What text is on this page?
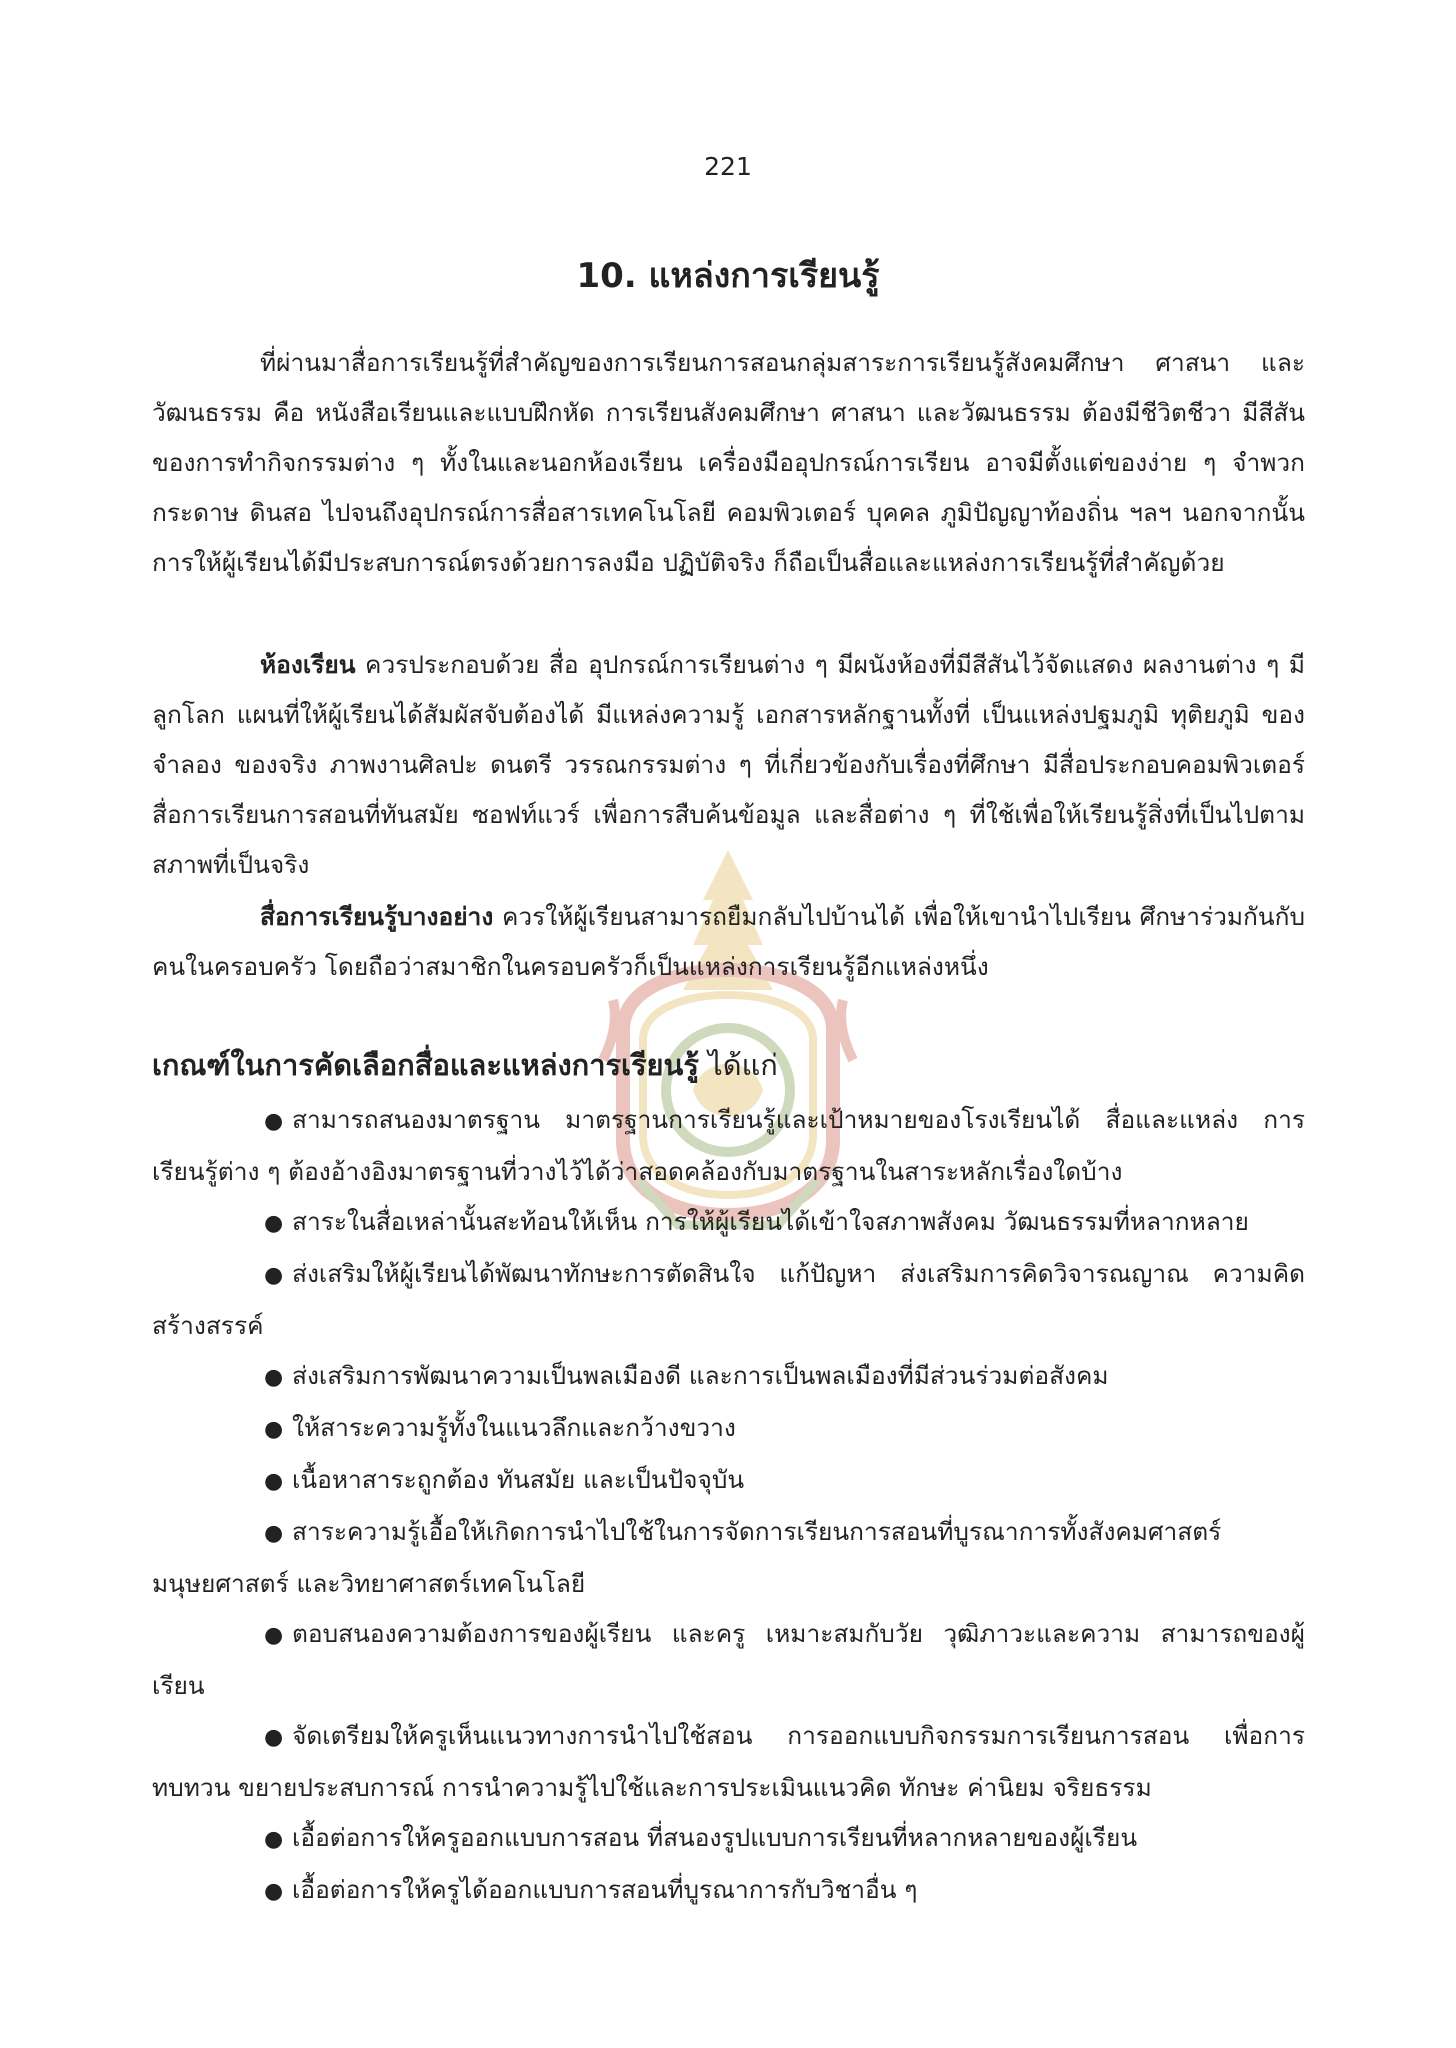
221
10. แหล่งการเรียนรู้

ที่ผ่านมาสื่อการเรียนรู้ที่สำคัญของการเรียนการสอนกลุ่มสาระการเรียนรู้สังคมศึกษา ศาสนา และวัฒนธรรม คือ หนังสือเรียนและแบบฝึกหัด การเรียนสังคมศึกษา ศาสนา และวัฒนธรรม ต้องมีชีวิตชีวา มีสีสันของการทำกิจกรรมต่าง ๆ ทั้งในและนอกห้องเรียน เครื่องมืออุปกรณ์การเรียน อาจมีตั้งแต่ของง่าย ๆ จำพวก กระดาษ ดินสอ ไปจนถึงอุปกรณ์การสื่อสารเทคโนโลยี คอมพิวเตอร์ บุคคล ภูมิปัญญาท้องถิ่น ฯลฯ นอกจากนั้นการให้ผู้เรียนได้มีประสบการณ์ตรงด้วยการลงมือ ปฏิบัติจริง ก็ถือเป็นสื่อและแหล่งการเรียนรู้ที่สำคัญด้วย

ห้องเรียน ควรประกอบด้วย สื่อ อุปกรณ์การเรียนต่าง ๆ มีผนังห้องที่มีสีสันไว้จัดแสดง ผลงานต่าง ๆ มีลูกโลก แผนที่ให้ผู้เรียนได้สัมผัสจับต้องได้ มีแหล่งความรู้ เอกสารหลักฐานทั้งที่ เป็นแหล่งปฐมภูมิ ทุติยภูมิ ของจำลอง ของจริง ภาพงานศิลปะ ดนตรี วรรณกรรมต่าง ๆ ที่เกี่ยวข้องกับเรื่องที่ศึกษา มีสื่อประกอบคอมพิวเตอร์ สื่อการเรียนการสอนที่ทันสมัย ซอฟท์แวร์ เพื่อการสืบค้นข้อมูล และสื่อต่าง ๆ ที่ใช้เพื่อให้เรียนรู้สิ่งที่เป็นไปตามสภาพที่เป็นจริง

สื่อการเรียนรู้บางอย่าง ควรให้ผู้เรียนสามารถยืมกลับไปบ้านได้ เพื่อให้เขานำไปเรียน ศึกษาร่วมกันกับคนในครอบครัว โดยถือว่าสมาชิกในครอบครัวก็เป็นแหล่งการเรียนรู้อีกแหล่งหนึ่ง

เกณฑ์ในการคัดเลือกสื่อและแหล่งการเรียนรู้ ได้แก่
● สามารถสนองมาตรฐาน มาตรฐานการเรียนรู้และเป้าหมายของโรงเรียนได้ สื่อและแหล่ง การเรียนรู้ต่าง ๆ ต้องอ้างอิงมาตรฐานที่วางไว้ได้ว่าสอดคล้องกับมาตรฐานในสาระหลักเรื่องใดบ้าง
● สาระในสื่อเหล่านั้นสะท้อนให้เห็น การให้ผู้เรียนได้เข้าใจสภาพสังคม วัฒนธรรมที่หลากหลาย
● ส่งเสริมให้ผู้เรียนได้พัฒนาทักษะการตัดสินใจ แก้ปัญหา ส่งเสริมการคิดวิจารณญาณ ความคิดสร้างสรรค์
● ส่งเสริมการพัฒนาความเป็นพลเมืองดี และการเป็นพลเมืองที่มีส่วนร่วมต่อสังคม
● ให้สาระความรู้ทั้งในแนวลึกและกว้างขวาง
● เนื้อหาสาระถูกต้อง ทันสมัย และเป็นปัจจุบัน
● สาระความรู้เอื้อให้เกิดการนำไปใช้ในการจัดการเรียนการสอนที่บูรณาการทั้งสังคมศาสตร์ มนุษยศาสตร์ และวิทยาศาสตร์เทคโนโลยี
● ตอบสนองความต้องการของผู้เรียน และครู เหมาะสมกับวัย วุฒิภาวะและความ สามารถของผู้เรียน
● จัดเตรียมให้ครูเห็นแนวทางการนำไปใช้สอน การออกแบบกิจกรรมการเรียนการสอน เพื่อการทบทวน ขยายประสบการณ์ การนำความรู้ไปใช้และการประเมินแนวคิด ทักษะ ค่านิยม จริยธรรม
● เอื้อต่อการให้ครูออกแบบการสอน ที่สนองรูปแบบการเรียนที่หลากหลายของผู้เรียน
● เอื้อต่อการให้ครูได้ออกแบบการสอนที่บูรณาการกับวิชาอื่น ๆ
